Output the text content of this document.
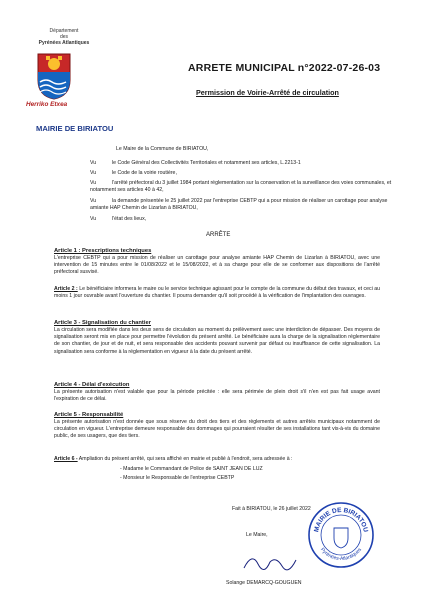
Département
des
Pyrénées Atlantiques
Herriko Etxea
MAIRIE DE BIRIATOU
ARRETE MUNICIPAL n°2022-07-26-03
Permission de Voirie-Arrêté de circulation
Le Maire de la Commune de BIRIATOU,
Vu	le Code Général des Collectivités Territoriales et notamment ses articles, L.2213-1
Vu	le Code de la voirie routière,
Vu	l'arrêté préfectoral du 3 juillet 1984 portant réglementation sur la conservation et la surveillance des voies communales, et notamment ses articles 40 à 42,
Vu	la demande présentée le 25 juillet 2022 par l'entreprise CEBTP qui a pour mission de réaliser un carottage pour analyse amiante HAP Chemin de Lizarlan à BIRIATOU,
Vu	l'état des lieux,
ARRÊTE
Article 1 : Prescriptions techniques
L'entreprise CEBTP qui a pour mission de réaliser un carottage pour analyse amiante HAP Chemin de Lizarlan à BIRIATOU, avec une intervention de 15 minutes entre le 01/08/2022 et le 15/08/2022, et à sa charge pour elle de se conformer aux dispositions de l'arrêté préfectoral susvisé.
Article 2 : Le bénéficiaire informera le maire ou le service technique agissant pour le compte de la commune du début des travaux, et ceci au moins 1 jour ouvrable avant l'ouverture du chantier. Il pourra demander qu'il soit procédé à la vérification de l'implantation des ouvrages.
Article 3 - Signalisation du chantier
La circulation sera modifiée dans les deux sens de circulation au moment du prélèvement avec une interdiction de dépasser. Des moyens de signalisation seront mis en place pour permettre l'évolution du présent arrêté. Le bénéficiaire aura la charge de la signalisation réglementaire de son chantier, de jour et de nuit, et sera responsable des accidents pouvant survenir par défaut ou insuffisance de cette signalisation. La signalisation sera conforme à la réglementation en vigueur à la date du présent arrêté.
Article 4 - Délai d'exécution
La présente autorisation n'est valable que pour la période précitée : elle sera périmée de plein droit s'il n'en est pas fait usage avant l'expiration de ce délai.
Article 5 - Responsabilité
La présente autorisation n'est donnée que sous réserve du droit des tiers et des règlements et autres arrêtés municipaux notamment de circulation en vigueur. L'entreprise demeure responsable des dommages qui pourraient résulter de ses installations tant vis-à-vis du domaine public, de ses usagers, que des tiers.
Article 6 - Ampliation du présent arrêté, qui sera affiché en mairie et publié à l'endroit, sera adressée à :
- Madame le Commandant de Police de SAINT JEAN DE LUZ
- Monsieur le Responsable de l'entreprise CEBTP
Fait à BIRIATOU, le 26 juillet 2022
Le Maire,
Solange DEMARCQ-GOUGUEN
MAIRIE DE BIRIATOU
Pyrénées-Atlantiques
